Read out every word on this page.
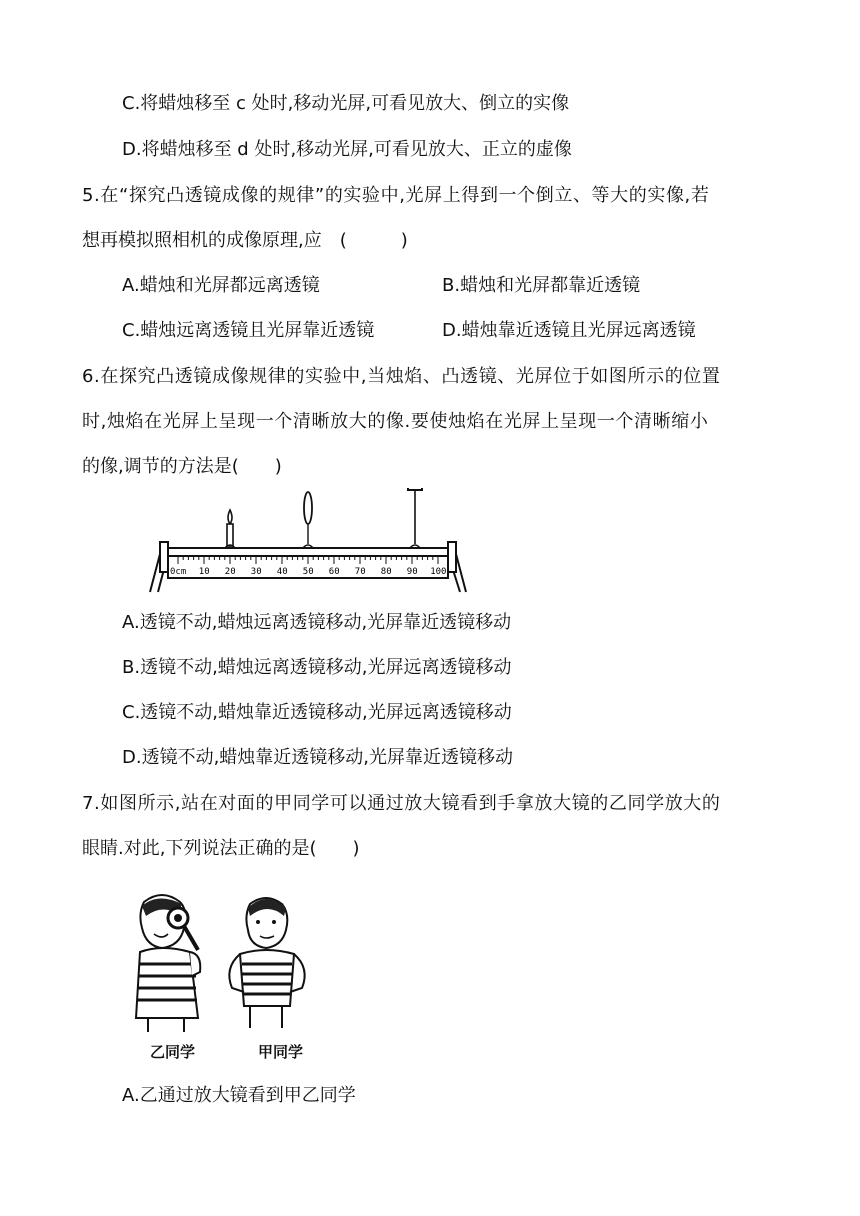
C.将蜡烛移至 c 处时,移动光屏,可看见放大、倒立的实像
D.将蜡烛移至 d 处时,移动光屏,可看见放大、正立的虚像
5.在“探究凸透镜成像的规律”的实验中,光屏上得到一个倒立、等大的实像,若
想再模拟照相机的成像原理,应　(　　　)
A.蜡烛和光屏都远离透镜	B.蜡烛和光屏都靠近透镜
C.蜡烛远离透镜且光屏靠近透镜	D.蜡烛靠近透镜且光屏远离透镜
6.在探究凸透镜成像规律的实验中,当烛焰、凸透镜、光屏位于如图所示的位置
时,烛焰在光屏上呈现一个清晰放大的像.要使烛焰在光屏上呈现一个清晰缩小
的像,调节的方法是(　　)
10 20 30 40 50 60 70 80 90 100
0cm
A.透镜不动,蜡烛远离透镜移动,光屏靠近透镜移动
B.透镜不动,蜡烛远离透镜移动,光屏远离透镜移动
C.透镜不动,蜡烛靠近透镜移动,光屏远离透镜移动
D.透镜不动,蜡烛靠近透镜移动,光屏靠近透镜移动
7.如图所示,站在对面的甲同学可以通过放大镜看到手拿放大镜的乙同学放大的
眼睛.对此,下列说法正确的是(　　)
乙同学	甲同学
A.乙通过放大镜看到甲乙同学
